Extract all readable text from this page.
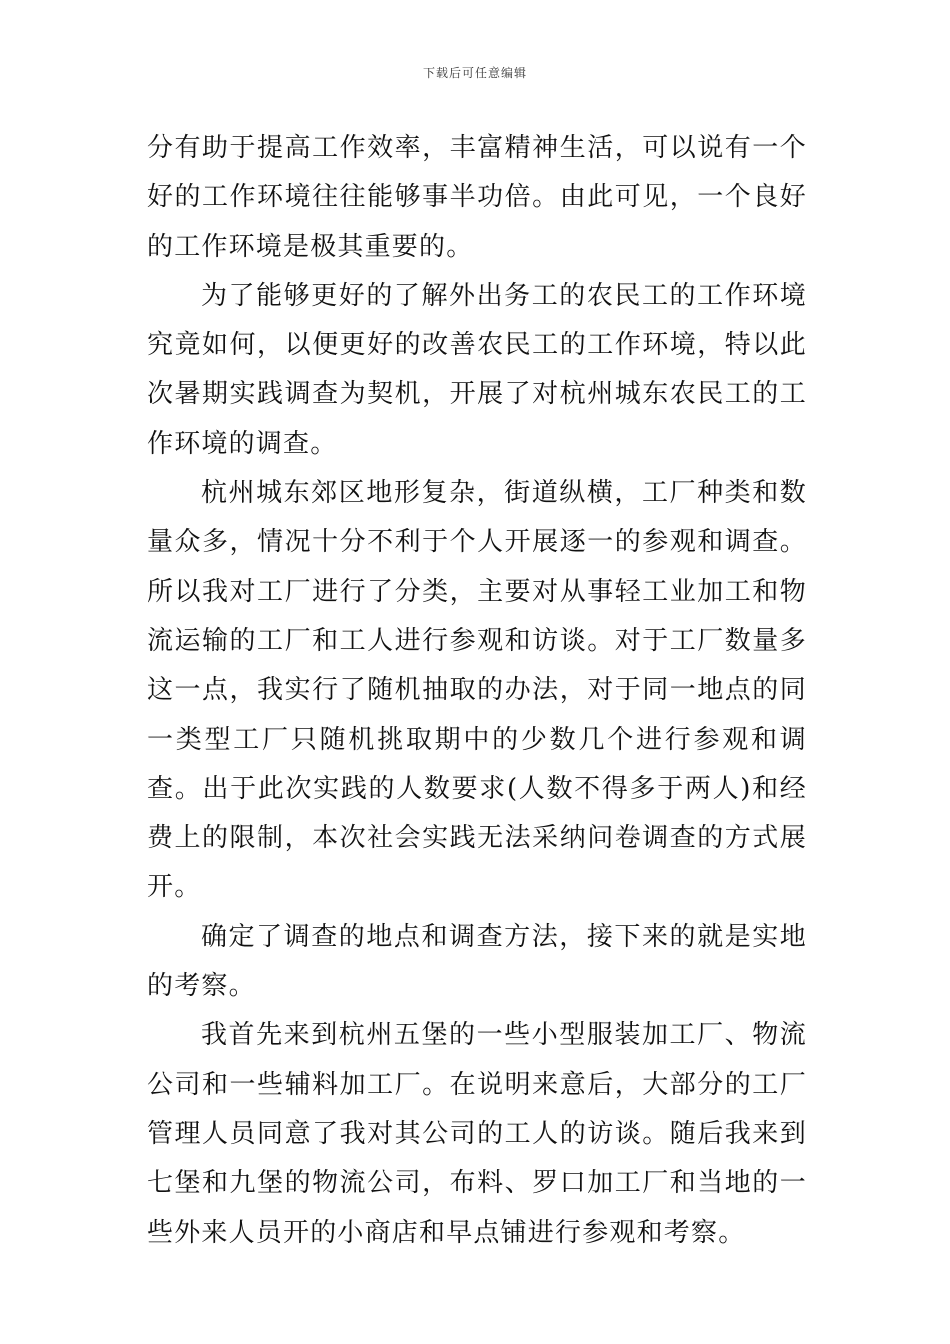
下载后可任意编辑

分有助于提高工作效率，丰富精神生活，可以说有一个好的工作环境往往能够事半功倍。由此可见，一个良好的工作环境是极其重要的。

为了能够更好的了解外出务工的农民工的工作环境究竟如何，以便更好的改善农民工的工作环境，特以此次暑期实践调查为契机，开展了对杭州城东农民工的工作环境的调查。

杭州城东郊区地形复杂，街道纵横，工厂种类和数量众多，情况十分不利于个人开展逐一的参观和调查。所以我对工厂进行了分类，主要对从事轻工业加工和物流运输的工厂和工人进行参观和访谈。对于工厂数量多这一点，我实行了随机抽取的办法，对于同一地点的同一类型工厂只随机挑取期中的少数几个进行参观和调查。出于此次实践的人数要求(人数不得多于两人)和经费上的限制，本次社会实践无法采纳问卷调查的方式展开。

确定了调查的地点和调查方法，接下来的就是实地的考察。

我首先来到杭州五堡的一些小型服装加工厂、物流公司和一些辅料加工厂。在说明来意后，大部分的工厂管理人员同意了我对其公司的工人的访谈。随后我来到七堡和九堡的物流公司，布料、罗口加工厂和当地的一些外来人员开的小商店和早点铺进行参观和考察。
